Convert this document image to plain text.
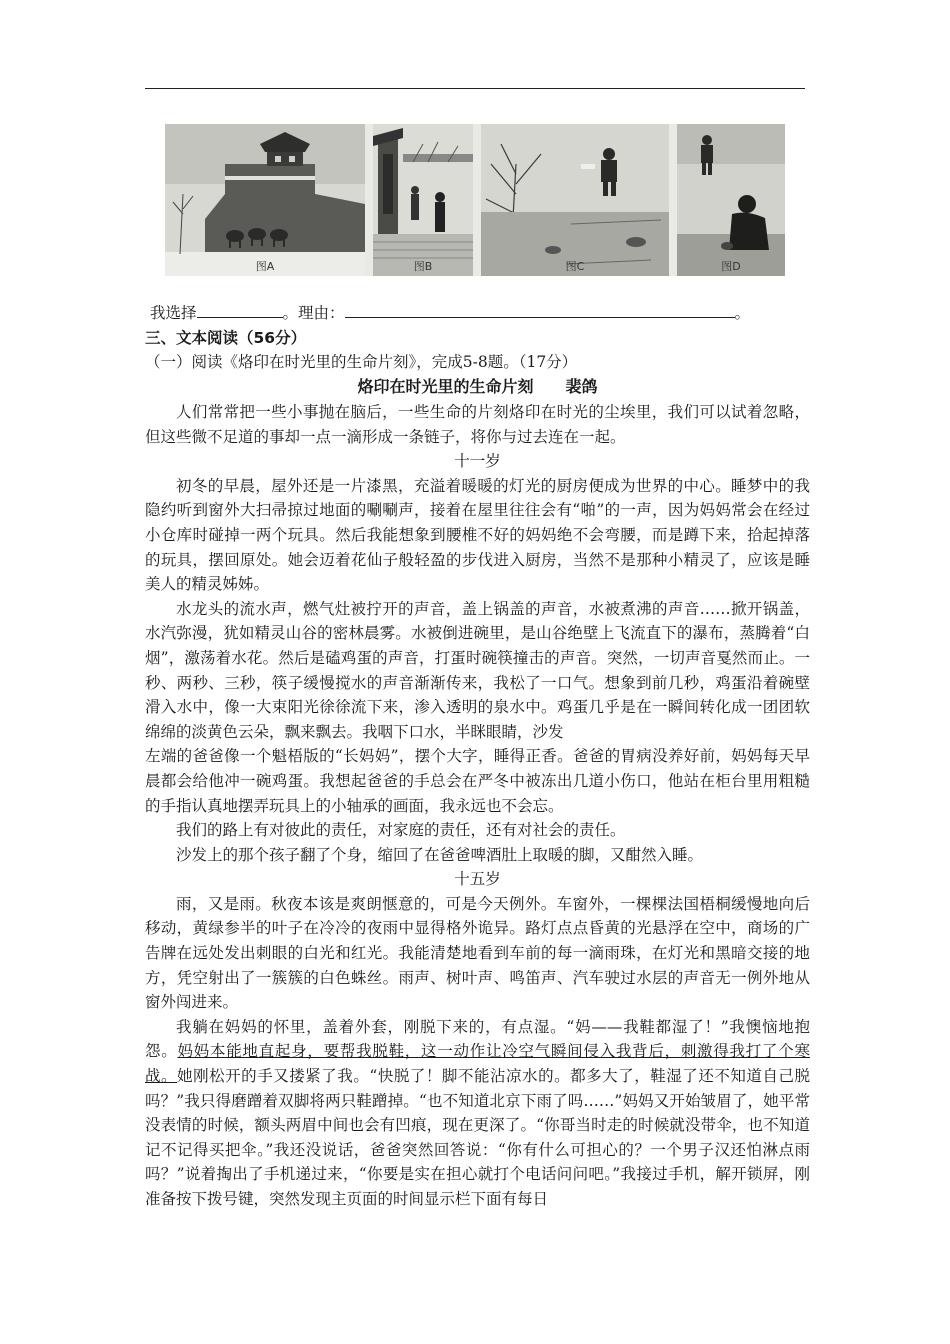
图A	图B	图C	图D
我选择	。理由：	。
三、文本阅读（56分）
（一）阅读《烙印在时光里的生命片刻》，完成5-8题。（17分）
烙印在时光里的生命片刻　　裴鸽

人们常常把一些小事抛在脑后，一些生命的片刻烙印在时光的尘埃里，我们可以试着忽略，但这些微不足道的事却一点一滴形成一条链子，将你与过去连在一起。

十一岁

初冬的早晨，屋外还是一片漆黑，充溢着暖暖的灯光的厨房便成为世界的中心。睡梦中的我隐约听到窗外大扫帚掠过地面的唰唰声，接着在屋里往往会有“啪”的一声，因为妈妈常会在经过小仓库时碰掉一两个玩具。然后我能想象到腰椎不好的妈妈绝不会弯腰，而是蹲下来，拾起掉落的玩具，摆回原处。她会迈着花仙子般轻盈的步伐进入厨房，当然不是那种小精灵了，应该是睡美人的精灵姊姊。

水龙头的流水声，燃气灶被拧开的声音，盖上锅盖的声音，水被煮沸的声音……掀开锅盖，水汽弥漫，犹如精灵山谷的密林晨雾。水被倒进碗里，是山谷绝壁上飞流直下的瀑布，蒸腾着“白烟”，激荡着水花。然后是磕鸡蛋的声音，打蛋时碗筷撞击的声音。突然，一切声音戛然而止。一秒、两秒、三秒，筷子缓慢搅水的声音渐渐传来，我松了一口气。想象到前几秒，鸡蛋沿着碗壁滑入水中，像一大束阳光徐徐流下来，渗入透明的泉水中。鸡蛋几乎是在一瞬间转化成一团团软绵绵的淡黄色云朵，飘来飘去。我咽下口水，半眯眼睛，沙发

左端的爸爸像一个魁梧版的“长妈妈”，摆个大字，睡得正香。爸爸的胃病没养好前，妈妈每天早晨都会给他冲一碗鸡蛋。我想起爸爸的手总会在严冬中被冻出几道小伤口，他站在柜台里用粗糙的手指认真地摆弄玩具上的小轴承的画面，我永远也不会忘。

我们的路上有对彼此的责任，对家庭的责任，还有对社会的责任。

沙发上的那个孩子翻了个身，缩回了在爸爸啤酒肚上取暖的脚，又酣然入睡。

十五岁

雨，又是雨。秋夜本该是爽朗惬意的，可是今天例外。车窗外，一棵棵法国梧桐缓慢地向后移动，黄绿参半的叶子在冷冷的夜雨中显得格外诡异。路灯点点昏黄的光悬浮在空中，商场的广告牌在远处发出刺眼的白光和红光。我能清楚地看到车前的每一滴雨珠，在灯光和黑暗交接的地方，凭空射出了一簇簇的白色蛛丝。雨声、树叶声、鸣笛声、汽车驶过水层的声音无一例外地从窗外闯进来。

我躺在妈妈的怀里，盖着外套，刚脱下来的，有点湿。“妈——我鞋都湿了！”我懊恼地抱怨。妈妈本能地直起身，要帮我脱鞋，这一动作让冷空气瞬间侵入我背后，刺激得我打了个寒战。她刚松开的手又搂紧了我。“快脱了！脚不能沾凉水的。都多大了，鞋湿了还不知道自己脱吗？”我只得磨蹭着双脚将两只鞋蹭掉。“也不知道北京下雨了吗……”妈妈又开始皱眉了，她平常没表情的时候，额头两眉中间也会有凹痕，现在更深了。“你哥当时走的时候就没带伞，也不知道记不记得买把伞。”我还没说话，爸爸突然回答说：“你有什么可担心的？一个男子汉还怕淋点雨吗？”说着掏出了手机递过来，“你要是实在担心就打个电话问问吧。”我接过手机，解开锁屏，刚准备按下拨号键，突然发现主页面的时间显示栏下面有每日
